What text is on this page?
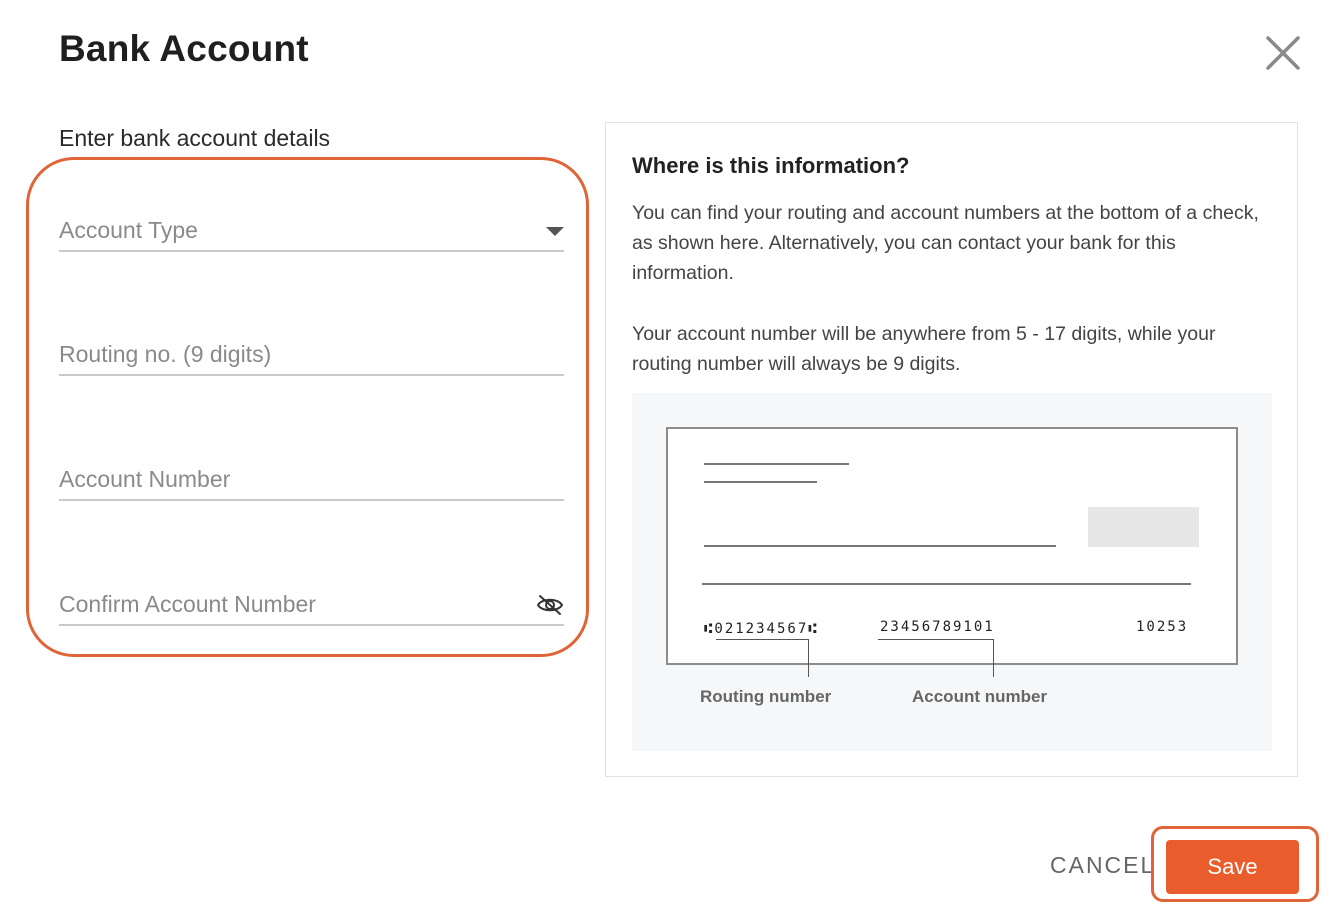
Bank Account
Enter bank account details
Account Type
Routing no. (9 digits)
Account Number
Confirm Account Number
Where is this information?
You can find your routing and account numbers at the bottom of a check, as shown here. Alternatively, you can contact your bank for this information.
Your account number will be anywhere from 5 - 17 digits, while your routing number will always be 9 digits.
⑆021234567⑆	23456789101	10253
Routing number	Account number
CANCEL	Save
